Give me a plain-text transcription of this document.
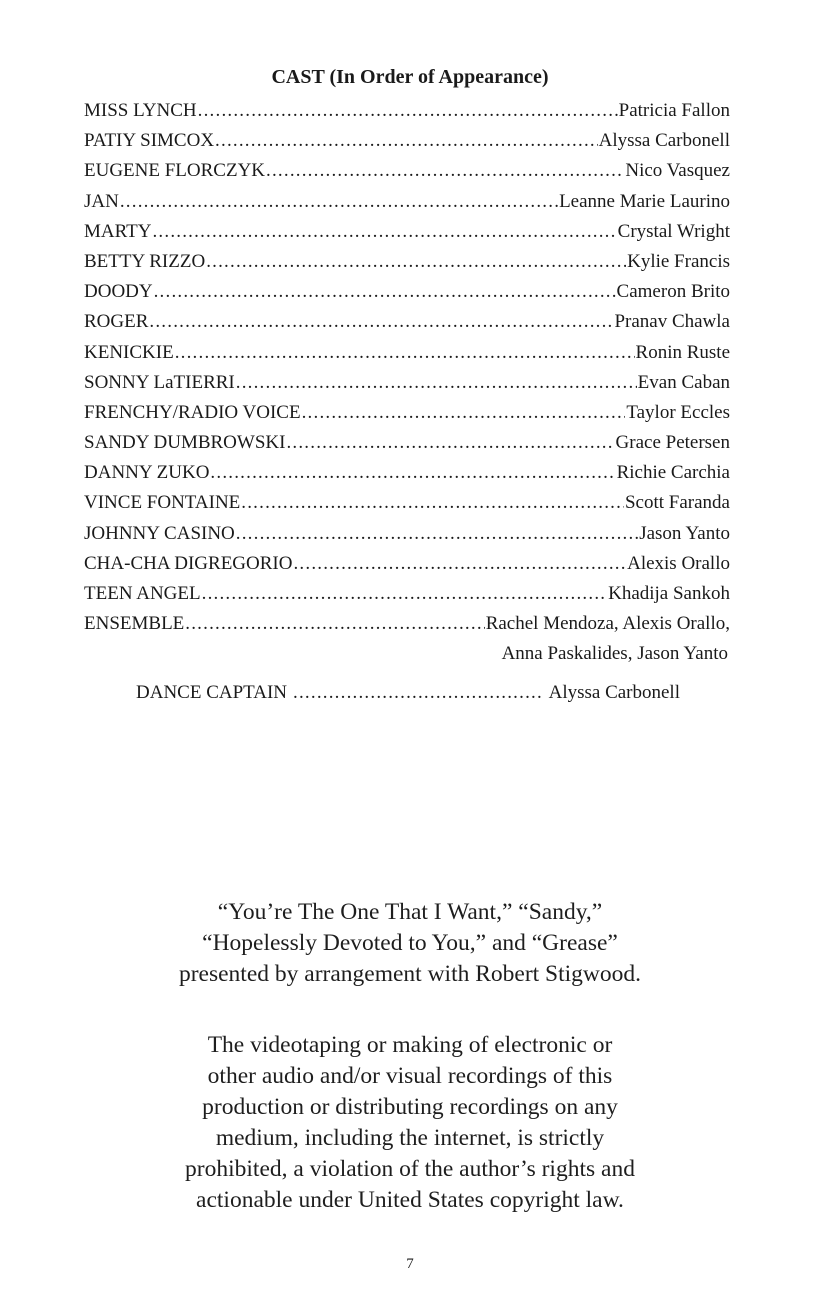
CAST (In Order of Appearance)
MISS LYNCH .....	Patricia Fallon
PATIY SIMCOX .....	Alyssa Carbonell
EUGENE FLORCZYK .....	Nico Vasquez
JAN .....	Leanne Marie Laurino
MARTY .....	Crystal Wright
BETTY RIZZO .....	Kylie Francis
DOODY .....	Cameron Brito
ROGER .....	Pranav Chawla
KENICKIE .....	Ronin Ruste
SONNY LaTIERRI .....	Evan Caban
FRENCHY/RADIO VOICE .....	Taylor Eccles
SANDY DUMBROWSKI .....	Grace Petersen
DANNY ZUKO .....	Richie Carchia
VINCE FONTAINE .....	Scott Faranda
JOHNNY CASINO .....	Jason Yanto
CHA-CHA DIGREGORIO .....	Alexis Orallo
TEEN ANGEL .....	Khadija Sankoh
ENSEMBLE .....	Rachel Mendoza, Alexis Orallo,
Anna Paskalides, Jason Yanto
DANCE CAPTAIN .....	Alyssa Carbonell

“You’re The One That I Want,” “Sandy,”

“Hopelessly Devoted to You,” and “Grease”

presented by arrangement with Robert Stigwood.

The videotaping or making of electronic or

other audio and/or visual recordings of this

production or distributing recordings on any

medium, including the internet, is strictly

prohibited, a violation of the author’s rights and

actionable under United States copyright law.

7
